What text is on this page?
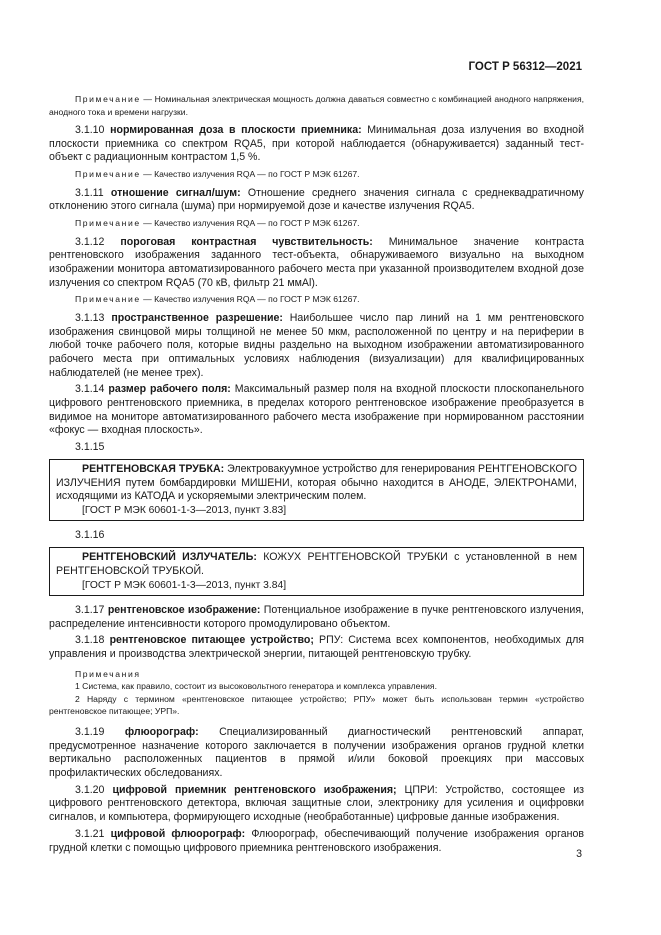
ГОСТ Р 56312—2021

Примечание — Номинальная электрическая мощность должна даваться совместно с комбинацией анодного напряжения, анодного тока и времени нагрузки.

3.1.10 нормированная доза в плоскости приемника: Минимальная доза излучения во входной плоскости приемника со спектром RQA5, при которой наблюдается (обнаруживается) заданный тест-объект с радиационным контрастом 1,5 %.

Примечание — Качество излучения RQA — по ГОСТ Р МЭК 61267.

3.1.11 отношение сигнал/шум: Отношение среднего значения сигнала с среднеквадратичному отклонению этого сигнала (шума) при нормируемой дозе и качестве излучения RQA5.

Примечание — Качество излучения RQA — по ГОСТ Р МЭК 61267.

3.1.12 пороговая контрастная чувствительность: Минимальное значение контраста рентгеновского изображения заданного тест-объекта, обнаруживаемого визуально на выходном изображении монитора автоматизированного рабочего места при указанной производителем входной дозе излучения со спектром RQA5 (70 кВ, фильтр 21 ммAl).

Примечание — Качество излучения RQA — по ГОСТ Р МЭК 61267.

3.1.13 пространственное разрешение: Наибольшее число пар линий на 1 мм рентгеновского изображения свинцовой миры толщиной не менее 50 мкм, расположенной по центру и на периферии в любой точке рабочего поля, которые видны раздельно на выходном изображении автоматизированного рабочего места при оптимальных условиях наблюдения (визуализации) для квалифицированных наблюдателей (не менее трех).

3.1.14 размер рабочего поля: Максимальный размер поля на входной плоскости плоскопанельного цифрового рентгеновского приемника, в пределах которого рентгеновское изображение преобразуется в видимое на мониторе автоматизированного рабочего места изображение при нормированном расстоянии «фокус — входная плоскость».

3.1.15

РЕНТГЕНОВСКАЯ ТРУБКА: Электровакуумное устройство для генерирования РЕНТГЕНОВСКОГО ИЗЛУЧЕНИЯ путем бомбардировки МИШЕНИ, которая обычно находится в АНОДЕ, ЭЛЕКТРОНАМИ, исходящими из КАТОДА и ускоряемыми электрическим полем.

[ГОСТ Р МЭК 60601-1-3—2013, пункт 3.83]

3.1.16

РЕНТГЕНОВСКИЙ ИЗЛУЧАТЕЛЬ: КОЖУХ РЕНТГЕНОВСКОЙ ТРУБКИ с установленной в нем РЕНТГЕНОВСКОЙ ТРУБКОЙ.

[ГОСТ Р МЭК 60601-1-3—2013, пункт 3.84]

3.1.17 рентгеновское изображение: Потенциальное изображение в пучке рентгеновского излучения, распределение интенсивности которого промодулировано объектом.

3.1.18 рентгеновское питающее устройство; РПУ: Система всех компонентов, необходимых для управления и производства электрической энергии, питающей рентгеновскую трубку.

Примечания

1 Система, как правило, состоит из высоковольтного генератора и комплекса управления.

2 Наряду с термином «рентгеновское питающее устройство; РПУ» может быть использован термин «устройство рентгеновское питающее; УРП».

3.1.19 флюорограф: Специализированный диагностический рентгеновский аппарат, предусмотренное назначение которого заключается в получении изображения органов грудной клетки вертикально расположенных пациентов в прямой и/или боковой проекциях при массовых профилактических обследованиях.

3.1.20 цифровой приемник рентгеновского изображения; ЦПРИ: Устройство, состоящее из цифрового рентгеновского детектора, включая защитные слои, электронику для усиления и оцифровки сигналов, и компьютера, формирующего исходные (необработанные) цифровые данные изображения.

3.1.21 цифровой флюорограф: Флюорограф, обеспечивающий получение изображения органов грудной клетки с помощью цифрового приемника рентгеновского изображения.

3
